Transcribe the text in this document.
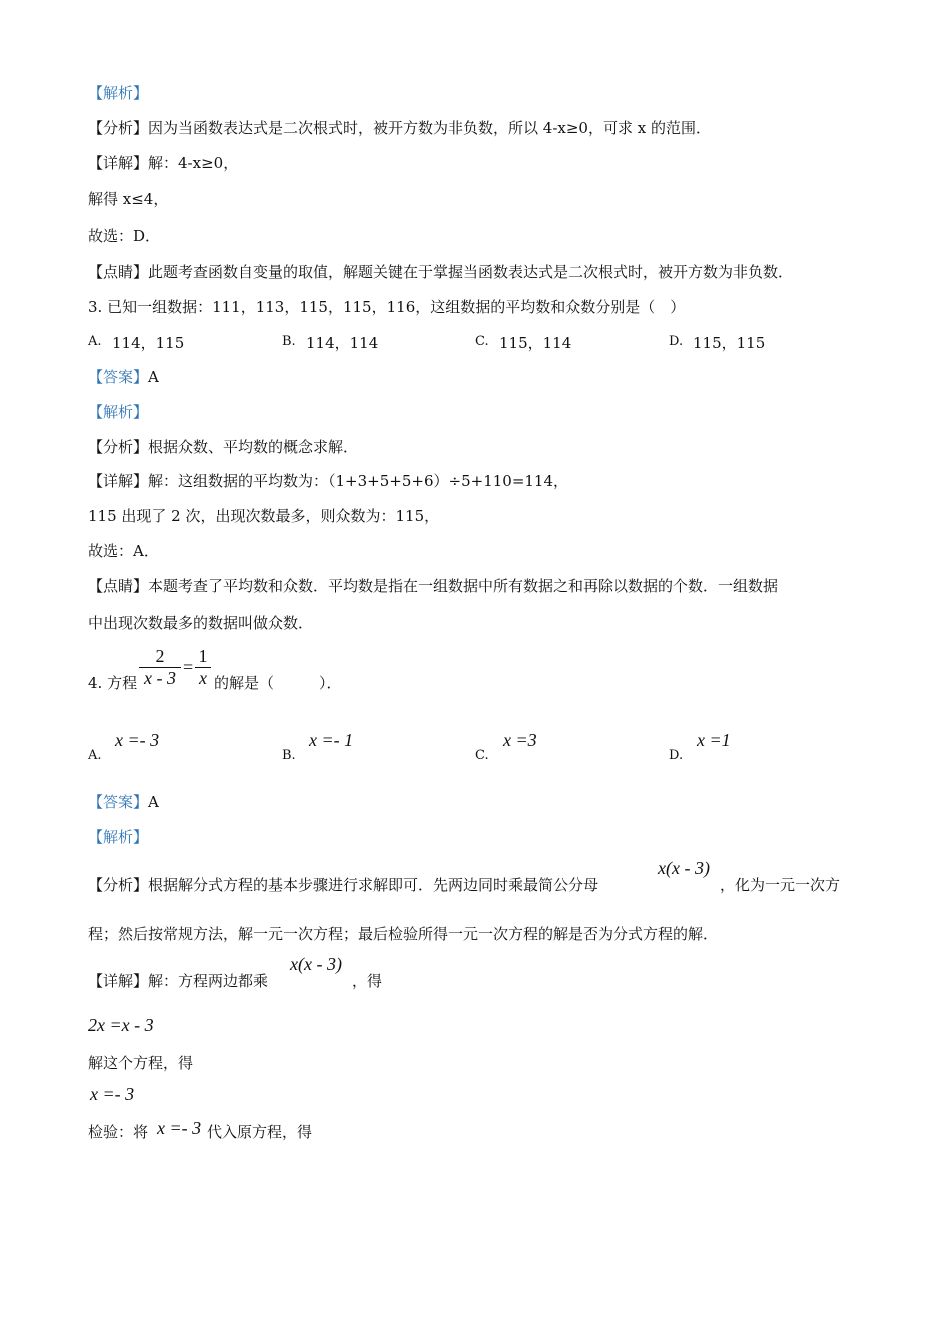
【解析】
【分析】因为当函数表达式是二次根式时，被开方数为非负数，所以 4-x≥0，可求 x 的范围．
【详解】解：4-x≥0，
解得 x≤4，
故选：D．
【点睛】此题考查函数自变量的取值，解题关键在于掌握当函数表达式是二次根式时，被开方数为非负数．
3. 已知一组数据：111，113，115，115，116，这组数据的平均数和众数分别是（　）
A. 114，115	B. 114，114	C. 115，114	D. 115，115
【答案】A
【解析】
【分析】根据众数、平均数的概念求解．
【详解】解：这组数据的平均数为：（1+3+5+5+6）÷5+110=114，
115 出现了 2 次，出现次数最多，则众数为：115，
故选：A．
【点睛】本题考查了平均数和众数．平均数是指在一组数据中所有数据之和再除以数据的个数．一组数据
中出现次数最多的数据叫做众数．
4. 方程
2
x - 3
=
1
x 的解是（　　　）．
A.
x =- 3
B.
x =- 1
C.
x =3
D.
x =1
【答案】A
【解析】
【分析】根据解分式方程的基本步骤进行求解即可．先两边同时乘最简公分母
x(x - 3)
，化为一元一次方
程；然后按常规方法，解一元一次方程；最后检验所得一元一次方程的解是否为分式方程的解．
【详解】解：方程两边都乘
x(x - 3)
，得
2x =x - 3
解这个方程，得
x =- 3
检验：将 x =- 3 代入原方程，得
